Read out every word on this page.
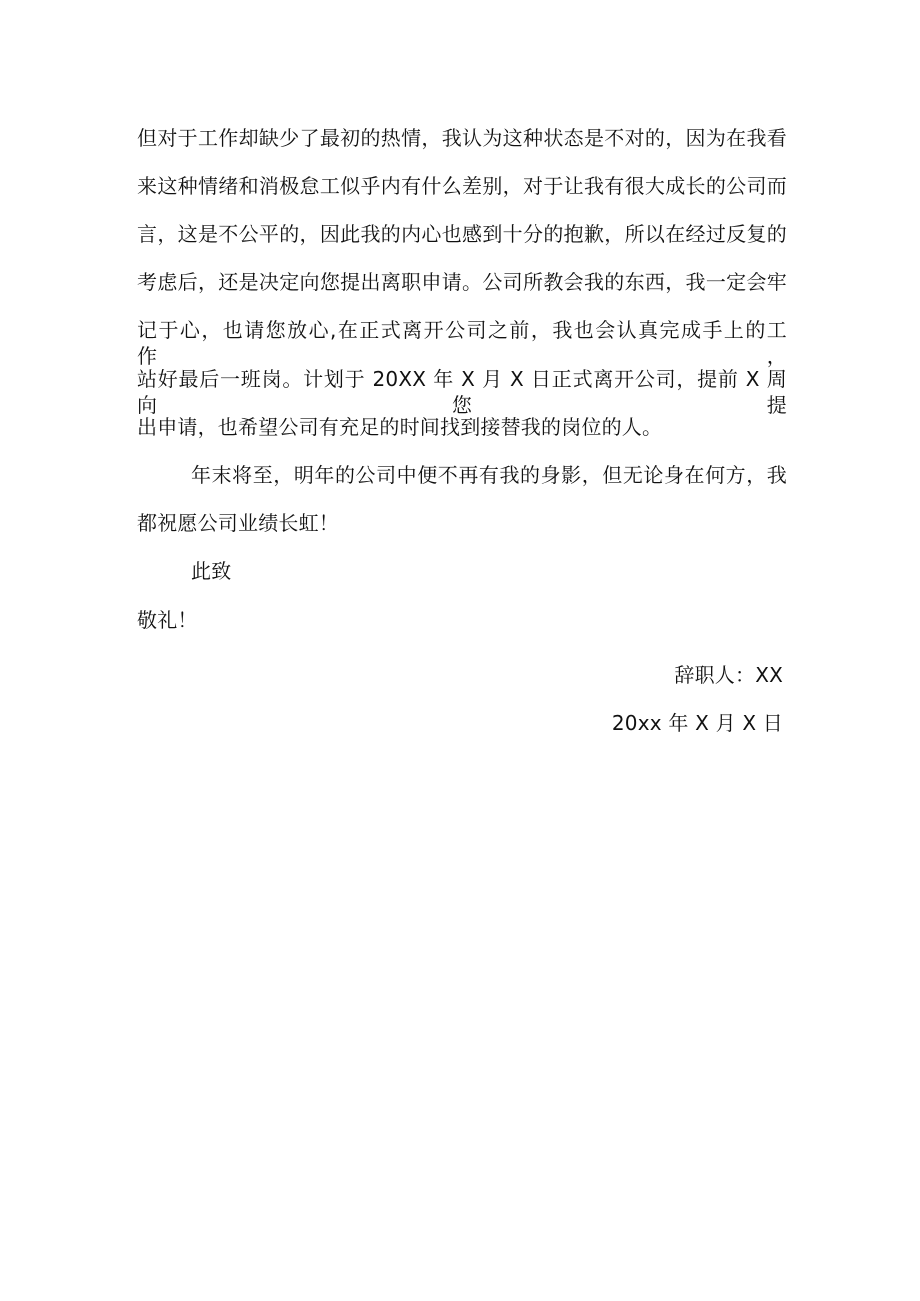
但对于工作却缺少了最初的热情，我认为这种状态是不对的，因为在我看
来这种情绪和消极怠工似乎内有什么差别，对于让我有很大成长的公司而
言，这是不公平的，因此我的内心也感到十分的抱歉，所以在经过反复的
考虑后，还是决定向您提出离职申请。公司所教会我的东西，我一定会牢
记于心，也请您放心,在正式离开公司之前，我也会认真完成手上的工作，
站好最后一班岗。计划于 20XX 年 X 月 X 日正式离开公司，提前 X 周向您提
出申请，也希望公司有充足的时间找到接替我的岗位的人。
年末将至，明年的公司中便不再有我的身影，但无论身在何方，我
都祝愿公司业绩长虹！
此致
敬礼！
辞职人：XX
20xx 年 X 月 X 日
